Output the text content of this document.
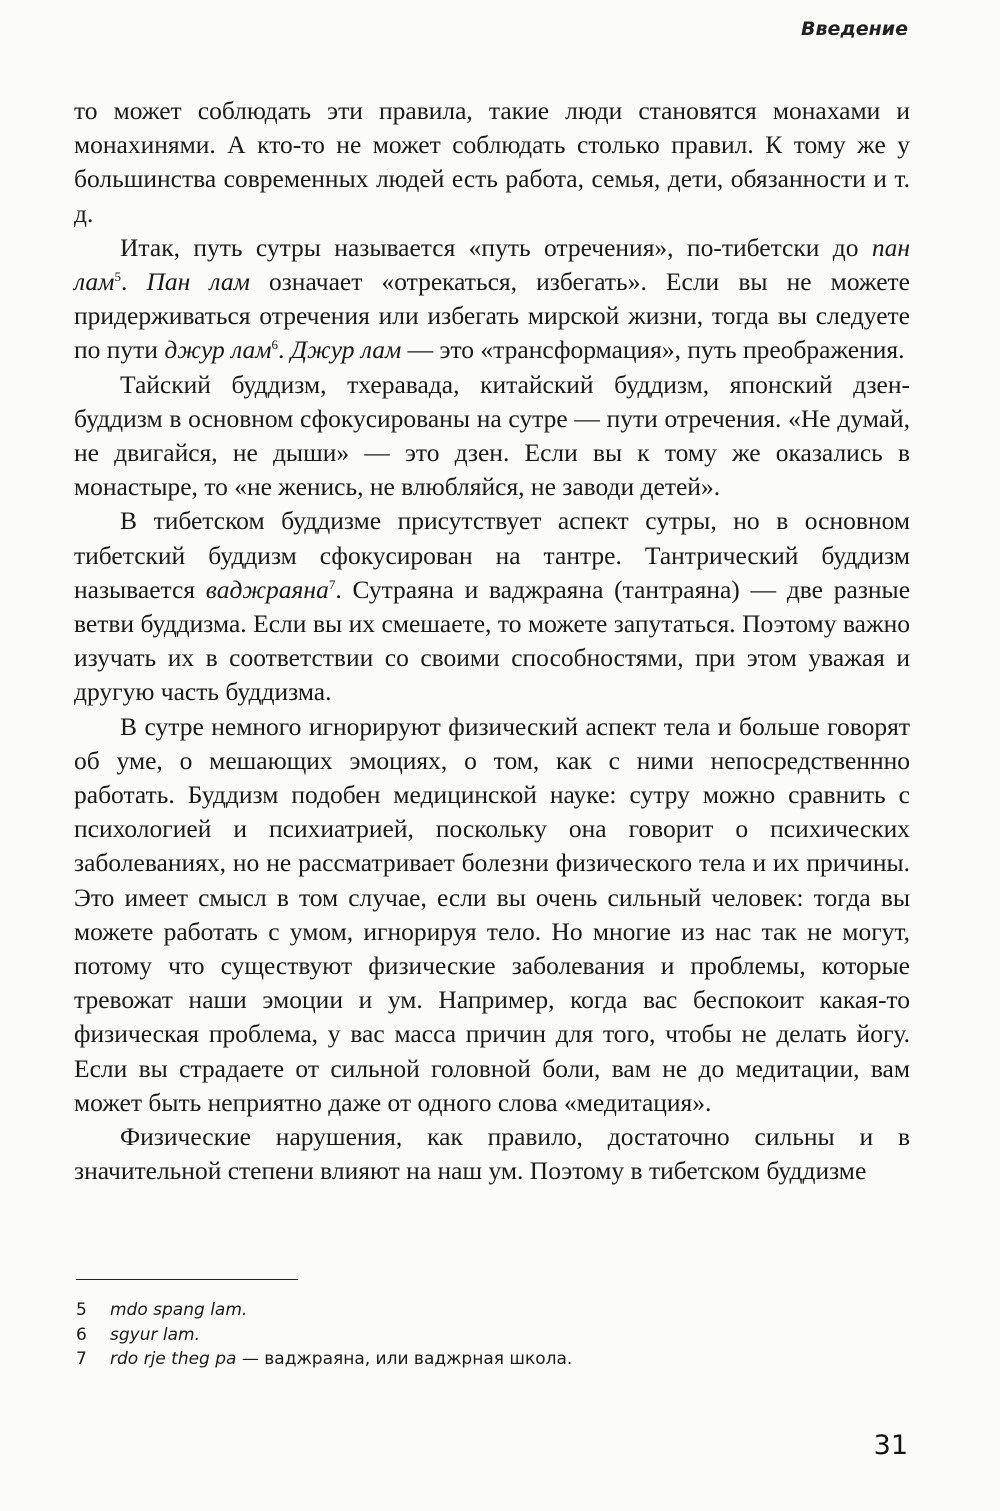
Введение

то может соблюдать эти правила, такие люди становятся монахами и монахинями. А кто-то не может соблюдать столько правил. К тому же у большинства современных людей есть работа, семья, дети, обязанности и т. д.

Итак, путь сутры называется «путь отречения», по-тибетски до пан лам$^5$. Пан лам означает «отрекаться, избегать». Если вы не можете придерживаться отречения или избегать мирской жизни, тогда вы следуете по пути джур лам$^6$. Джур лам — это «трансформация», путь преображения.

Тайский буддизм, тхеравада, китайский буддизм, японский дзен-буддизм в основном сфокусированы на сутре — пути отречения. «Не думай, не двигайся, не дыши» — это дзен. Если вы к тому же оказались в монастыре, то «не женись, не влюбляйся, не заводи детей».

В тибетском буддизме присутствует аспект сутры, но в основном тибетский буддизм сфокусирован на тантре. Тантрический буддизм называется ваджраяна$^7$. Сутраяна и ваджраяна (тантраяна) — две разные ветви буддизма. Если вы их смешаете, то можете запутаться. Поэтому важно изучать их в соответствии со своими способностями, при этом уважая и другую часть буддизма.

В сутре немного игнорируют физический аспект тела и больше говорят об уме, о мешающих эмоциях, о том, как с ними непосредственнно работать. Буддизм подобен медицинской науке: сутру можно сравнить с психологией и психиатрией, поскольку она говорит о психических заболеваниях, но не рассматривает болезни физического тела и их причины. Это имеет смысл в том случае, если вы очень сильный человек: тогда вы можете работать с умом, игнорируя тело. Но многие из нас так не могут, потому что существуют физические заболевания и проблемы, которые тревожат наши эмоции и ум. Например, когда вас беспокоит какая-то физическая проблема, у вас масса причин для того, чтобы не делать йогу. Если вы страдаете от сильной головной боли, вам не до медитации, вам может быть неприятно даже от одного слова «медитация».

Физические нарушения, как правило, достаточно сильны и в значительной степени влияют на наш ум. Поэтому в тибетском буддизме

5	mdo spang lam.
6	sgyur lam.
7	rdo rje theg pa — ваджраяна, или ваджрная школа.
31
